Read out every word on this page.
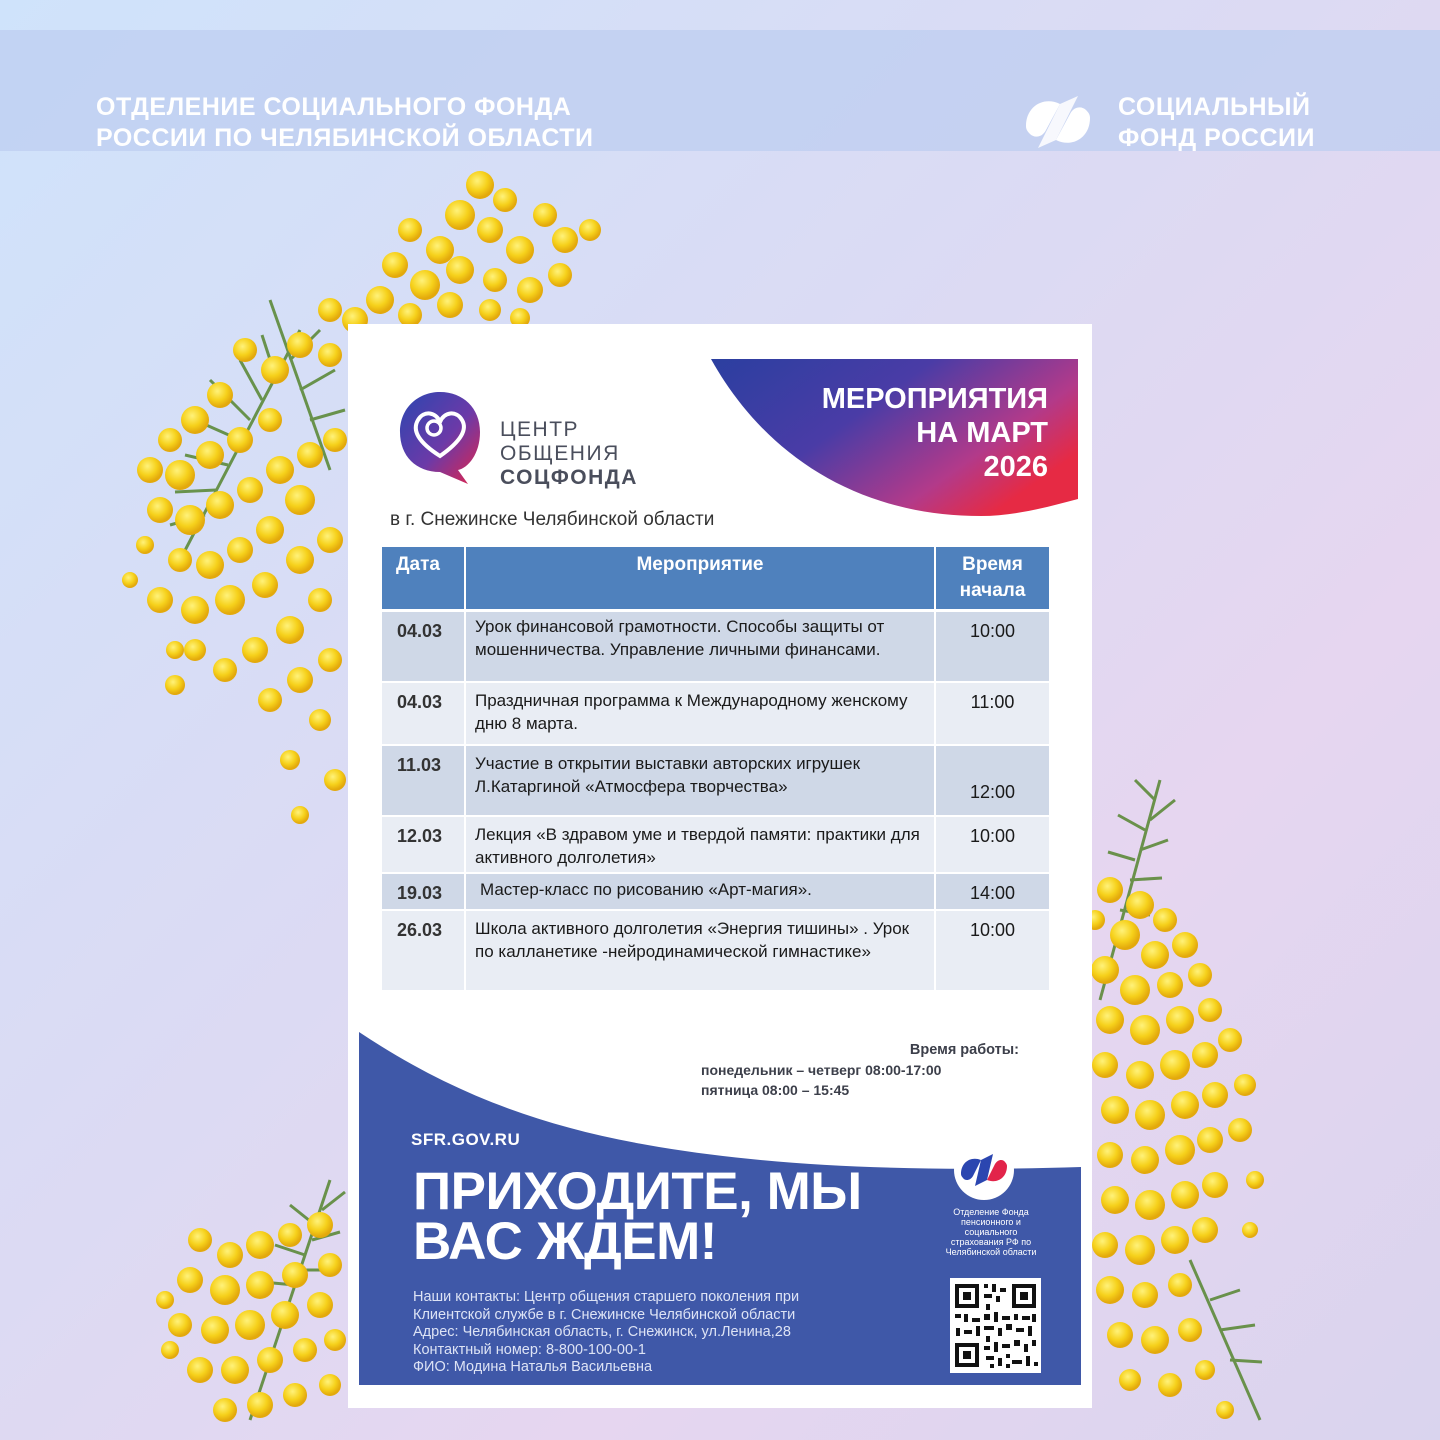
ОТДЕЛЕНИЕ СОЦИАЛЬНОГО ФОНДА
РОССИИ ПО ЧЕЛЯБИНСКОЙ ОБЛАСТИ
СОЦИАЛЬНЫЙ
ФОНД РОССИИ
МЕРОПРИЯТИЯ
НА МАРТ
2026
ЦЕНТР
ОБЩЕНИЯ
СОЦФОНДА
в г. Снежинске Челябинской области
Дата	Мероприятие	Время
начала

04.03	Урок финансовой грамотности. Способы защиты от мошенничества. Управление личными финансами.	10:00
04.03	Праздничная программа к Международному женскому дню 8 марта.	11:00
11.03	Участие в открытии выставки авторских игрушек Л.Катаргиной «Атмосфера творчества»	12:00
12.03	Лекция «В здравом уме и твердой памяти: практики для активного долголетия»	10:00
19.03	Мастер-класс по рисованию «Арт-магия».	14:00
26.03	Школа активного долголетия «Энергия тишины» . Урок по калланетике -нейродинамической гимнастике»	10:00
Время работы:
понедельник – четверг 08:00-17:00
пятница 08:00 – 15:45
SFR.GOV.RU
ПРИХОДИТЕ, МЫ
ВАС ЖДЕМ!
Наши контакты: Центр общения старшего поколения при
Клиентской службе в г. Снежинске Челябинской области
Адрес: Челябинская область, г. Снежинск, ул.Ленина,28
Контактный номер: 8-800-100-00-1
ФИО: Модина Наталья Васильевна
Отделение Фонда пенсионного и социального страхования РФ по Челябинской области
